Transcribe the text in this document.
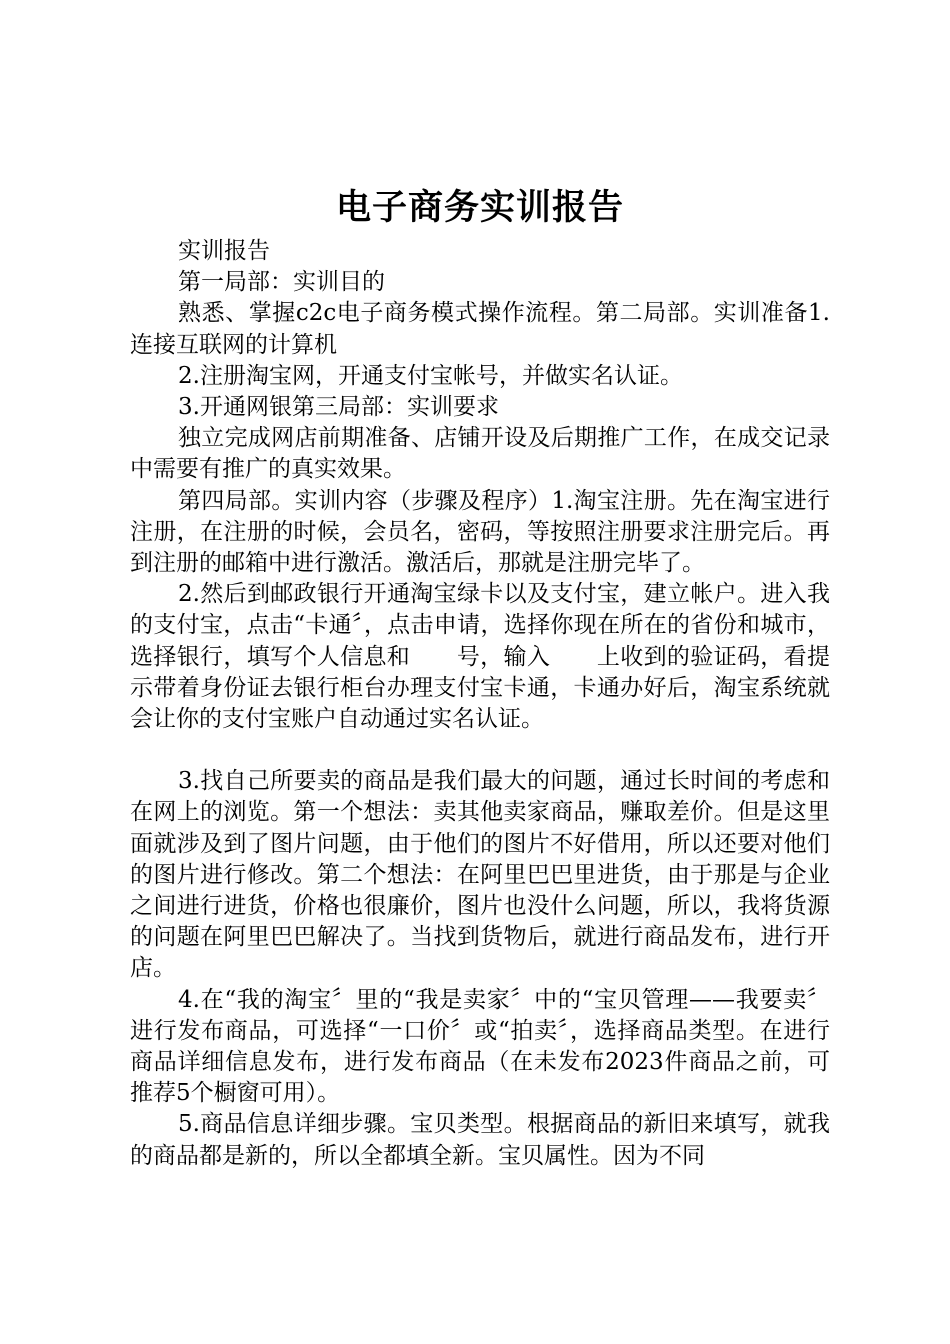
电子商务实训报告

实训报告

第一局部：实训目的

熟悉、掌握c2c电子商务模式操作流程。第二局部。实训准备1.连接互联网的计算机

2.注册淘宝网，开通支付宝帐号，并做实名认证。

3.开通网银第三局部：实训要求

独立完成网店前期准备、店铺开设及后期推广工作，在成交记录中需要有推广的真实效果。

第四局部。实训内容（步骤及程序）1.淘宝注册。先在淘宝进行注册，在注册的时候，会员名，密码，等按照注册要求注册完后。再到注册的邮箱中进行激活。激活后，那就是注册完毕了。

2.然后到邮政银行开通淘宝绿卡以及支付宝，建立帐户。进入我的支付宝，点击“卡通〞，点击申请，选择你现在所在的省份和城市，选择银行，填写个人信息和　　号，输入　　上收到的验证码，看提示带着身份证去银行柜台办理支付宝卡通，卡通办好后，淘宝系统就会让你的支付宝账户自动通过实名认证。

3.找自己所要卖的商品是我们最大的问题，通过长时间的考虑和在网上的浏览。第一个想法：卖其他卖家商品，赚取差价。但是这里面就涉及到了图片问题，由于他们的图片不好借用，所以还要对他们的图片进行修改。第二个想法：在阿里巴巴里进货，由于那是与企业之间进行进货，价格也很廉价，图片也没什么问题，所以，我将货源的问题在阿里巴巴解决了。当找到货物后，就进行商品发布，进行开店。

4.在“我的淘宝〞里的“我是卖家〞中的“宝贝管理——我要卖〞进行发布商品，可选择“一口价〞或“拍卖〞，选择商品类型。在进行商品详细信息发布，进行发布商品（在未发布2023件商品之前，可推荐5个橱窗可用）。

5.商品信息详细步骤。宝贝类型。根据商品的新旧来填写，就我的商品都是新的，所以全都填全新。宝贝属性。因为不同
